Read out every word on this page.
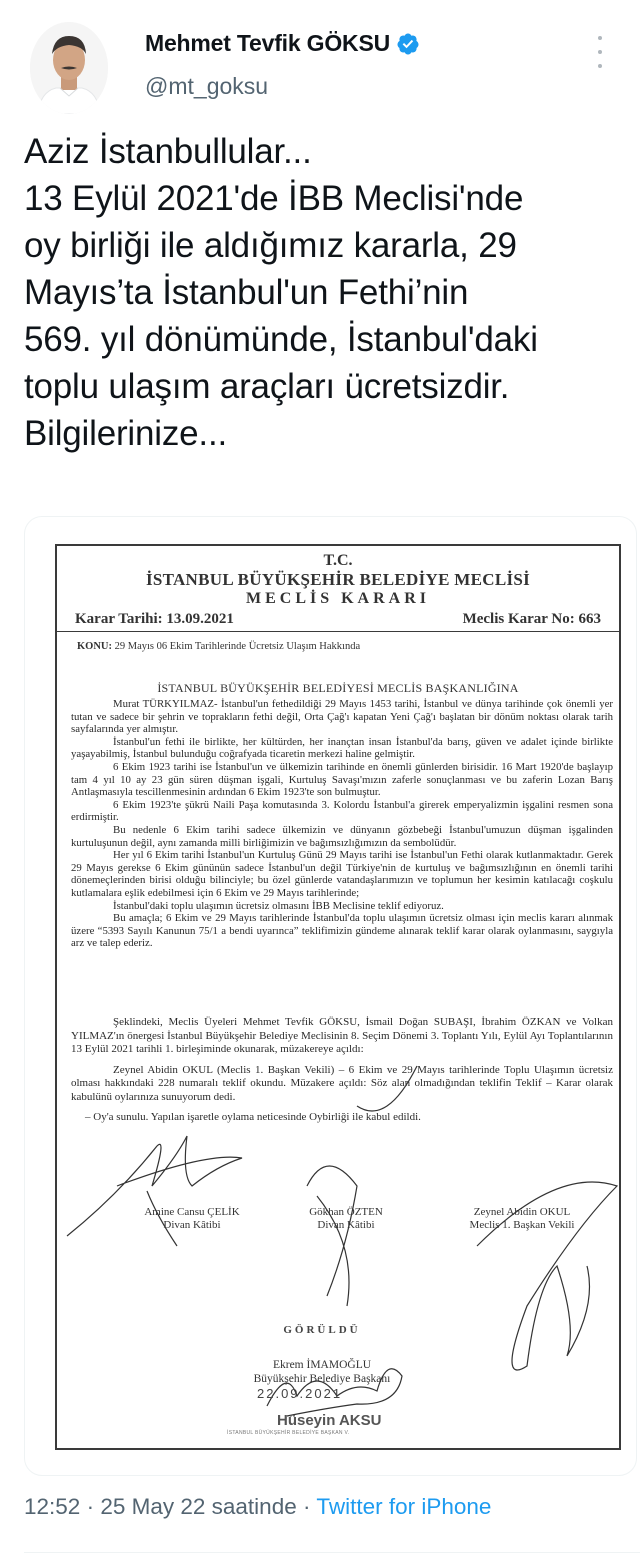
Mehmet Tevfik GÖKSU
@mt_goksu
Aziz İstanbullular...
13 Eylül 2021'de İBB Meclisi'nde
oy birliği ile aldığımız kararla, 29
Mayıs’ta İstanbul'un Fethi’nin
569. yıl dönümünde, İstanbul'daki
toplu ulaşım araçları ücretsizdir.
Bilgilerinize...
T.C.
İSTANBUL BÜYÜKŞEHİR BELEDİYE MECLİSİ
MECLİS KARARI
Karar Tarihi: 13.09.2021	Meclis Karar No: 663
KONU: 29 Mayıs 06 Ekim Tarihlerinde Ücretsiz Ulaşım Hakkında
İSTANBUL BÜYÜKŞEHİR BELEDİYESİ MECLİS BAŞKANLIĞINA

Murat TÜRKYILMAZ- İstanbul'un fethedildiği 29 Mayıs 1453 tarihi, İstanbul ve dünya tarihinde çok önemli yer tutan ve sadece bir şehrin ve toprakların fethi değil, Orta Çağ'ı kapatan Yeni Çağ'ı başlatan bir dönüm noktası olarak tarih sayfalarında yer almıştır.

İstanbul'un fethi ile birlikte, her kültürden, her inançtan insan İstanbul'da barış, güven ve adalet içinde birlikte yaşayabilmiş, İstanbul bulunduğu coğrafyada ticaretin merkezi haline gelmiştir.

6 Ekim 1923 tarihi ise İstanbul'un ve ülkemizin tarihinde en önemli günlerden birisidir. 16 Mart 1920'de başlayıp tam 4 yıl 10 ay 23 gün süren düşman işgali, Kurtuluş Savaşı'mızın zaferle sonuçlanması ve bu zaferin Lozan Barış Antlaşmasıyla tescillenmesinin ardından 6 Ekim 1923'te son bulmuştur.

6 Ekim 1923'te şükrü Naili Paşa komutasında 3. Kolordu İstanbul'a girerek emperyalizmin işgalini resmen sona erdirmiştir.

Bu nedenle 6 Ekim tarihi sadece ülkemizin ve dünyanın gözbebeği İstanbul'umuzun düşman işgalinden kurtuluşunun değil, aynı zamanda milli birliğimizin ve bağımsızlığımızın da sembolüdür.

Her yıl 6 Ekim tarihi İstanbul'un Kurtuluş Günü 29 Mayıs tarihi ise İstanbul'un Fethi olarak kutlanmaktadır. Gerek 29 Mayıs gerekse 6 Ekim gününün sadece İstanbul'un değil Türkiye'nin de kurtuluş ve bağımsızlığının en önemli tarihi dönemeçlerinden birisi olduğu bilinciyle; bu özel günlerde vatandaşlarımızın ve toplumun her kesimin katılacağı coşkulu kutlamalara eşlik edebilmesi için 6 Ekim ve 29 Mayıs tarihlerinde;

İstanbul'daki toplu ulaşımın ücretsiz olmasını İBB Meclisine teklif ediyoruz.

Bu amaçla; 6 Ekim ve 29 Mayıs tarihlerinde İstanbul'da toplu ulaşımın ücretsiz olması için meclis kararı alınmak üzere “5393 Sayılı Kanunun 75/1 a bendi uyarınca” teklifimizin gündeme alınarak teklif karar olarak oylanmasını, saygıyla arz ve talep ederiz.

Şeklindeki, Meclis Üyeleri Mehmet Tevfik GÖKSU, İsmail Doğan SUBAŞI, İbrahim ÖZKAN ve Volkan YILMAZ'ın önergesi İstanbul Büyükşehir Belediye Meclisinin 8. Seçim Dönemi 3. Toplantı Yılı, Eylül Ayı Toplantılarının 13 Eylül 2021 tarihli 1. birleşiminde okunarak, müzakereye açıldı:

Zeynel Abidin OKUL (Meclis 1. Başkan Vekili) – 6 Ekim ve 29 Mayıs tarihlerinde Toplu Ulaşımın ücretsiz olması hakkındaki 228 numaralı teklif okundu. Müzakere açıldı: Söz alan olmadığından teklifin Teklif – Karar olarak kabulünü oylarınıza sunuyorum dedi.

– Oy'a sunulu. Yapılan işaretle oylama neticesinde Oybirliği ile kabul edildi.

Amine Cansu ÇELİK
Divan Kâtibi
Gökhan ÖZTEN
Divan Kâtibi
Zeynel Abidin OKUL
Meclis 1. Başkan Vekili
GÖRÜLDÜ
Ekrem İMAMOĞLU
Büyükşehir Belediye Başkanı
22.09.2021
Hüseyin AKSU
İSTANBUL BÜYÜKŞEHİR BELEDİYE BAŞKAN V.
12:52 · 25 May 22 saatinde · Twitter for iPhone
